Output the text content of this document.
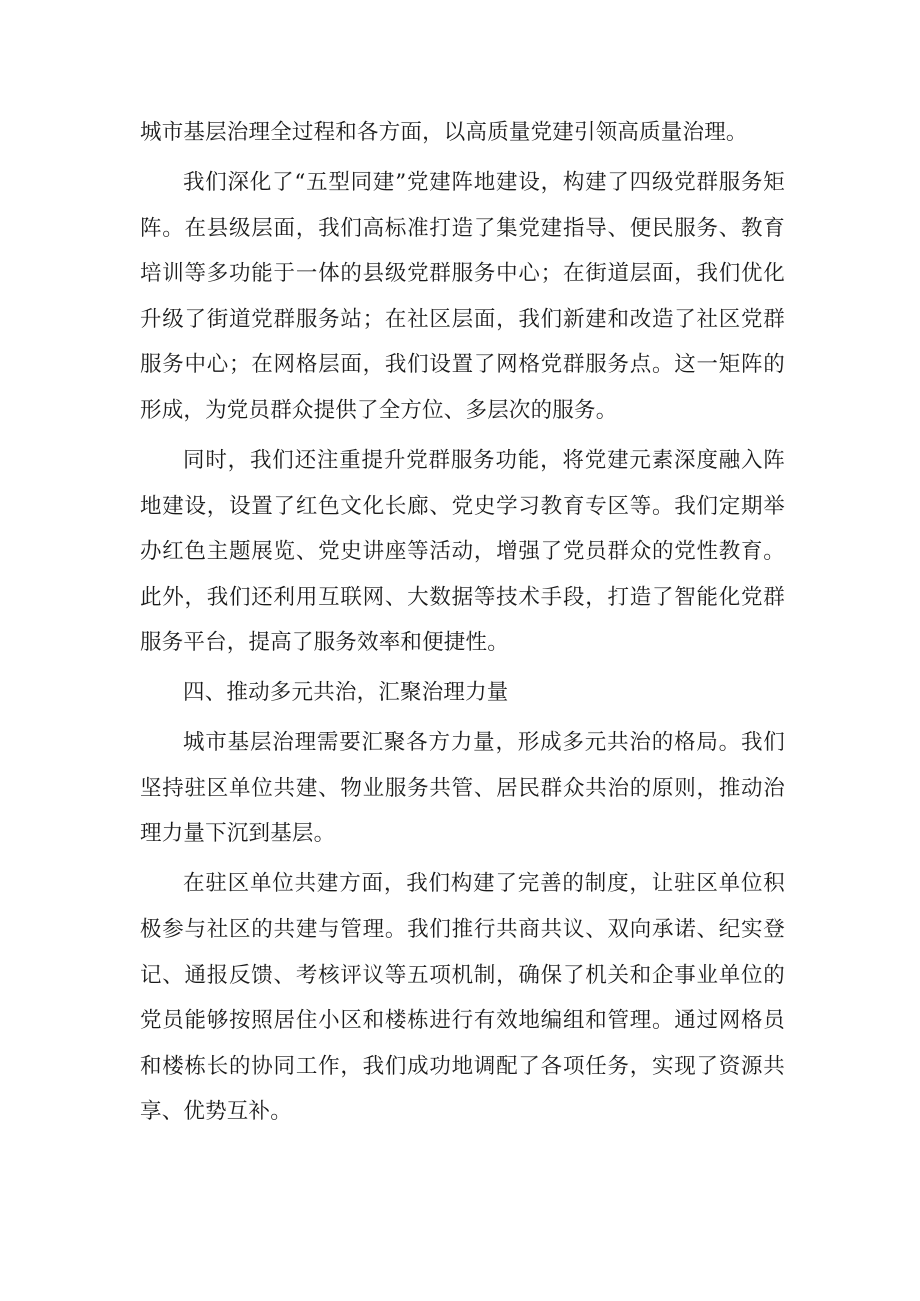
城市基层治理全过程和各方面，以高质量党建引领高质量治理。

我们深化了“五型同建”党建阵地建设，构建了四级党群服务矩阵。在县级层面，我们高标准打造了集党建指导、便民服务、教育培训等多功能于一体的县级党群服务中心；在街道层面，我们优化升级了街道党群服务站；在社区层面，我们新建和改造了社区党群服务中心；在网格层面，我们设置了网格党群服务点。这一矩阵的形成，为党员群众提供了全方位、多层次的服务。

同时，我们还注重提升党群服务功能，将党建元素深度融入阵地建设，设置了红色文化长廊、党史学习教育专区等。我们定期举办红色主题展览、党史讲座等活动，增强了党员群众的党性教育。此外，我们还利用互联网、大数据等技术手段，打造了智能化党群服务平台，提高了服务效率和便捷性。

四、推动多元共治，汇聚治理力量

城市基层治理需要汇聚各方力量，形成多元共治的格局。我们坚持驻区单位共建、物业服务共管、居民群众共治的原则，推动治理力量下沉到基层。

在驻区单位共建方面，我们构建了完善的制度，让驻区单位积极参与社区的共建与管理。我们推行共商共议、双向承诺、纪实登记、通报反馈、考核评议等五项机制，确保了机关和企事业单位的党员能够按照居住小区和楼栋进行有效地编组和管理。通过网格员和楼栋长的协同工作，我们成功地调配了各项任务，实现了资源共享、优势互补。
